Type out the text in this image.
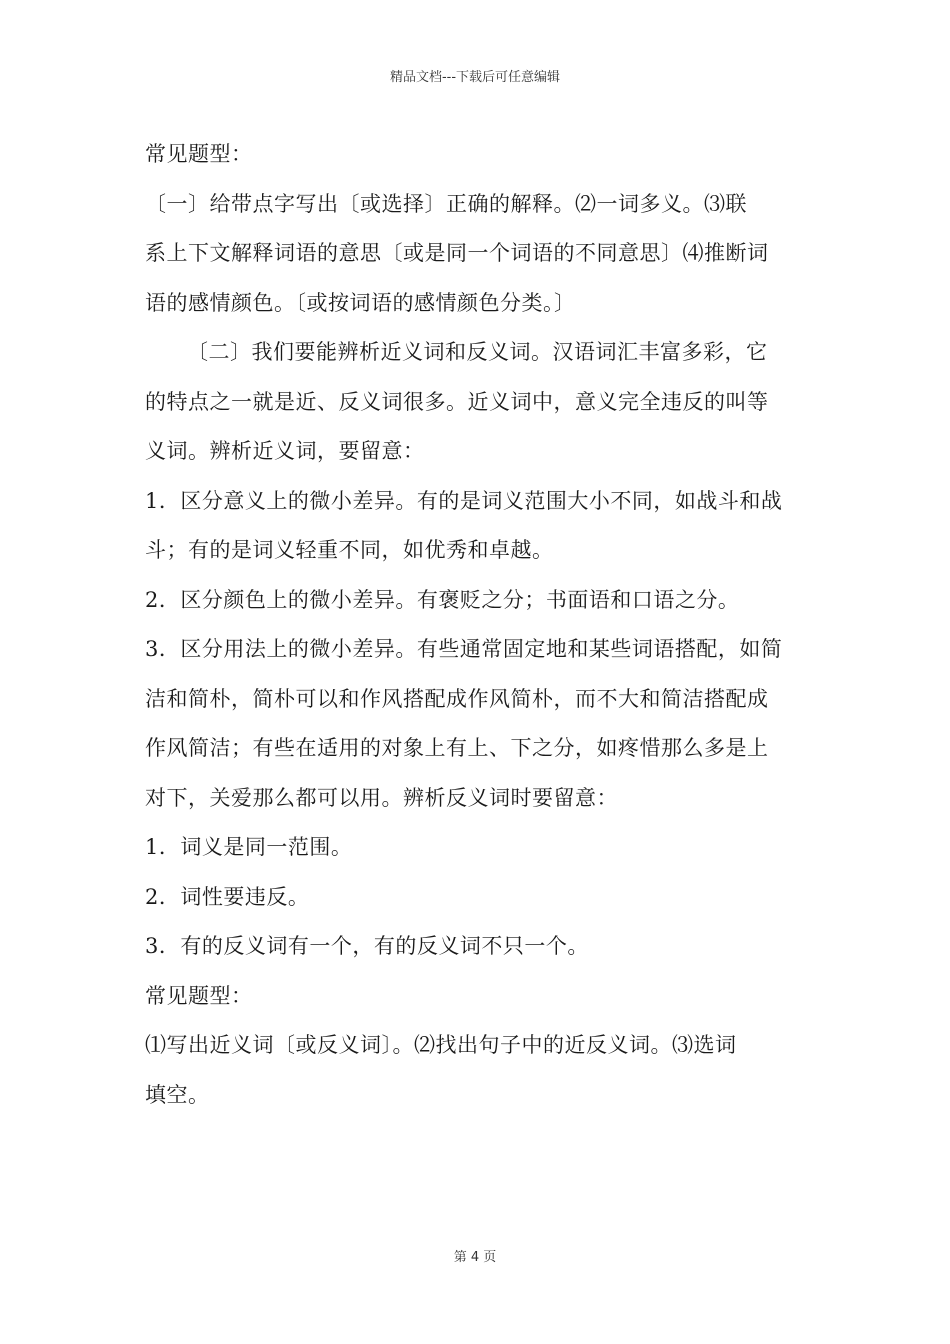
精品文档---下载后可任意编辑
常见题型：
〔一〕给带点字写出〔或选择〕正确的解释。⑵一词多义。⑶联
系上下文解释词语的意思〔或是同一个词语的不同意思〕⑷推断词
语的感情颜色。〔或按词语的感情颜色分类。〕
〔二〕我们要能辨析近义词和反义词。汉语词汇丰富多彩，它
的特点之一就是近、反义词很多。近义词中，意义完全违反的叫等
义词。辨析近义词，要留意：
1．区分意义上的微小差异。有的是词义范围大小不同，如战斗和战
斗；有的是词义轻重不同，如优秀和卓越。
2．区分颜色上的微小差异。有褒贬之分；书面语和口语之分。
3．区分用法上的微小差异。有些通常固定地和某些词语搭配，如简
洁和简朴，简朴可以和作风搭配成作风简朴，而不大和简洁搭配成
作风简洁；有些在适用的对象上有上、下之分，如疼惜那么多是上
对下，关爱那么都可以用。辨析反义词时要留意：
1．词义是同一范围。
2．词性要违反。
3．有的反义词有一个，有的反义词不只一个。
常见题型：
⑴写出近义词〔或反义词〕。⑵找出句子中的近反义词。⑶选词
填空。
第 4 页
